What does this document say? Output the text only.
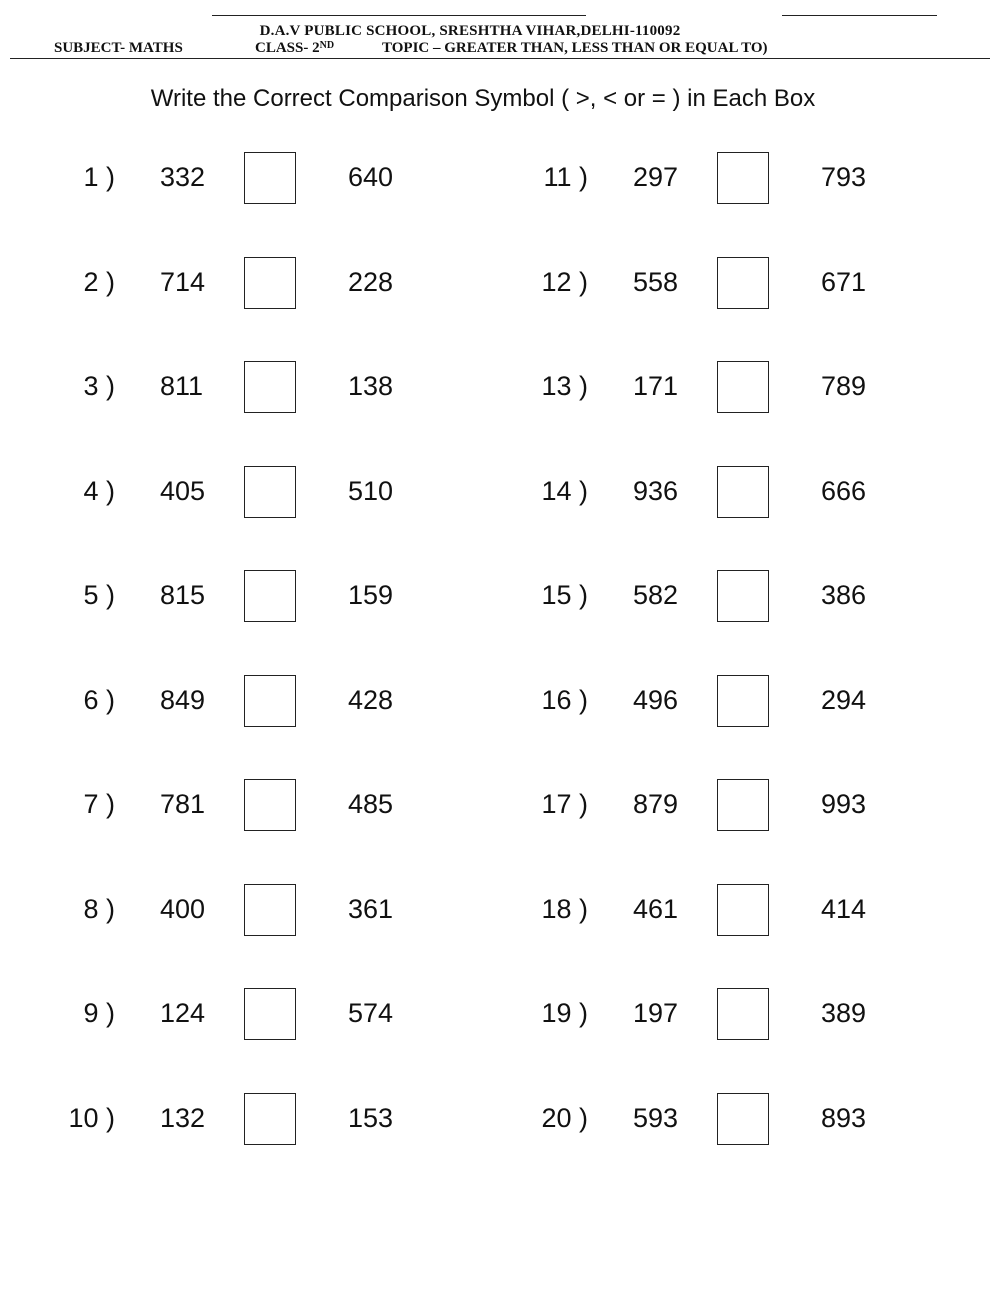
D.A.V PUBLIC SCHOOL, SRESHTHA VIHAR,DELHI-110092
SUBJECT- MATHS	CLASS- 2ND	TOPIC – GREATER THAN, LESS THAN OR EQUAL TO)
Write the Correct Comparison Symbol ( >, < or = ) in Each Box
1 ) 332	640
2 ) 714	228
3 ) 811	138
4 ) 405	510
5 ) 815	159
6 ) 849	428
7 ) 781	485
8 ) 400	361
9 ) 124	574
10 ) 132	153
11 ) 297	793
12 ) 558	671
13 ) 171	789
14 ) 936	666
15 ) 582	386
16 ) 496	294
17 ) 879	993
18 ) 461	414
19 ) 197	389
20 ) 593	893
